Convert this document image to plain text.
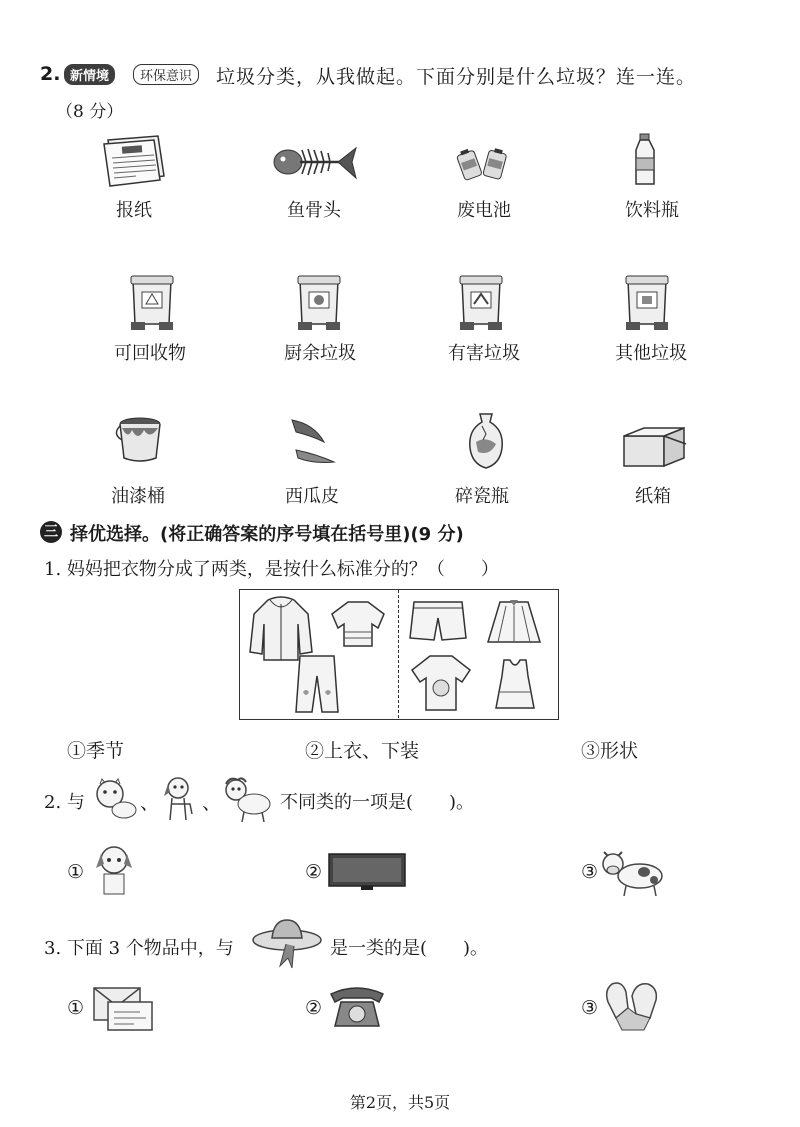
2. 新情境	环保意识	垃圾分类，从我做起。下面分别是什么垃圾？连一连。
（8 分）
报纸	鱼骨头	废电池	饮料瓶
可回收物	厨余垃圾	有害垃圾	其他垃圾
油漆桶	西瓜皮	碎瓷瓶	纸箱
三 择优选择。(将正确答案的序号填在括号里)(9 分)
1. 妈妈把衣物分成了两类，是按什么标准分的？（　　）
①季节	②上衣、下装	③形状
2. 与	、 、	不同类的一项是(　　)。
①	②	③
3. 下面 3 个物品中，与	是一类的是(　　)。
①	②	③
第2页，共5页
